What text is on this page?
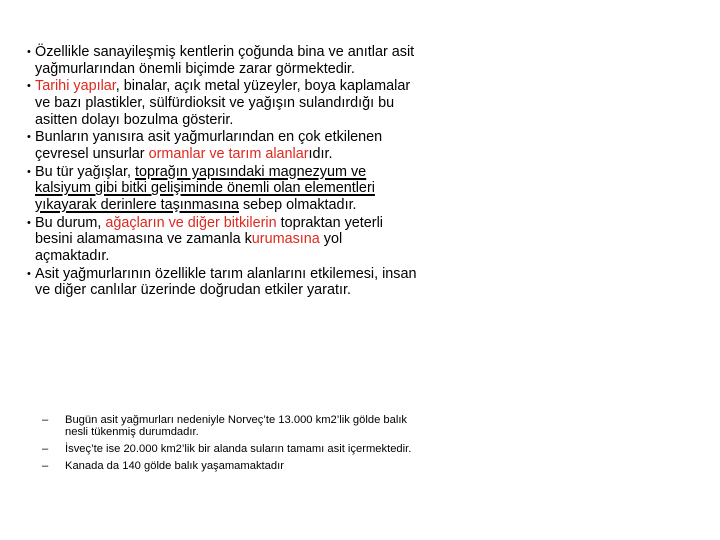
• Özellikle sanayileşmiş kentlerin çoğunda bina ve anıtlar asit yağmurlarından önemli biçimde zarar görmektedir.
• Tarihi yapılar, binalar, açık metal yüzeyler, boya kaplamalar ve bazı plastikler, sülfürdioksit ve yağışın sulandırdığı bu asitten dolayı bozulma gösterir.
• Bunların yanısıra asit yağmurlarından en çok etkilenen çevresel unsurlar ormanlar ve tarım alanlarıdır.
• Bu tür yağışlar, toprağın yapısındaki magnezyum ve kalsiyum gibi bitki gelişiminde önemli olan elementleri yıkayarak derinlere taşınmasına sebep olmaktadır.
• Bu durum, ağaçların ve diğer bitkilerin topraktan yeterli besini alamamasına ve zamanla kurumasına yol açmaktadır.
• Asit yağmurlarının özellikle tarım alanlarını etkilemesi, insan ve diğer canlılar üzerinde doğrudan etkiler yaratır.
– Bugün asit yağmurları nedeniyle Norveç’te 13.000 km2’lik gölde balık nesli tükenmiş durumdadır.
– İsveç’te ise 20.000 km2’lik bir alanda suların tamamı asit içermektedir.
– Kanada da 140 gölde balık yaşamamaktadır
